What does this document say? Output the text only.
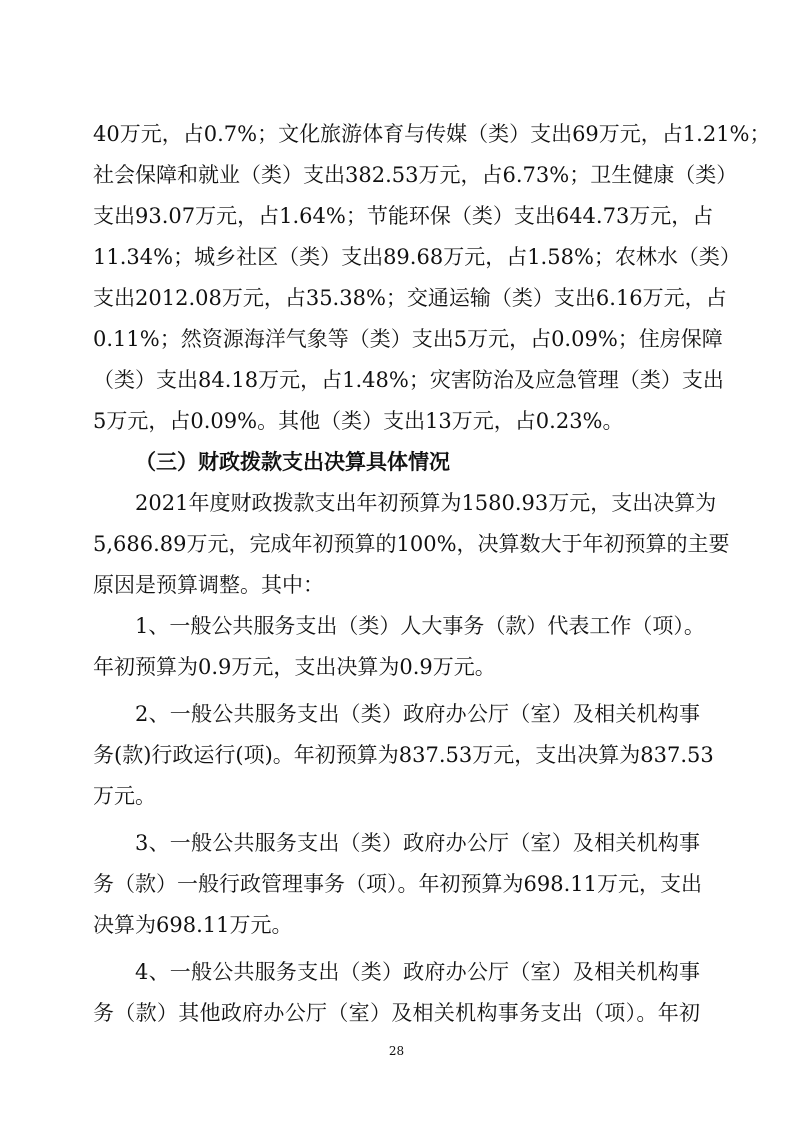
40万元，占0.7%；文化旅游体育与传媒（类）支出69万元，占1.21%；
社会保障和就业（类）支出382.53万元，占6.73%；卫生健康（类）
支出93.07万元，占1.64%；节能环保（类）支出644.73万元，占
11.34%；城乡社区（类）支出89.68万元，占1.58%；农林水（类）
支出2012.08万元，占35.38%；交通运输（类）支出6.16万元，占
0.11%；然资源海洋气象等（类）支出5万元，占0.09%；住房保障
（类）支出84.18万元，占1.48%；灾害防治及应急管理（类）支出
5万元，占0.09%。其他（类）支出13万元，占0.23%。
（三）财政拨款支出决算具体情况
2021年度财政拨款支出年初预算为1580.93万元，支出决算为
5,686.89万元，完成年初预算的100%，决算数大于年初预算的主要
原因是预算调整。其中：
1、一般公共服务支出（类）人大事务（款）代表工作（项）。
年初预算为0.9万元，支出决算为0.9万元。
2、一般公共服务支出（类）政府办公厅（室）及相关机构事
务(款)行政运行(项)。年初预算为837.53万元，支出决算为837.53
万元。
3、一般公共服务支出（类）政府办公厅（室）及相关机构事
务（款）一般行政管理事务（项）。年初预算为698.11万元，支出
决算为698.11万元。
4、一般公共服务支出（类）政府办公厅（室）及相关机构事
务（款）其他政府办公厅（室）及相关机构事务支出（项）。年初
28
